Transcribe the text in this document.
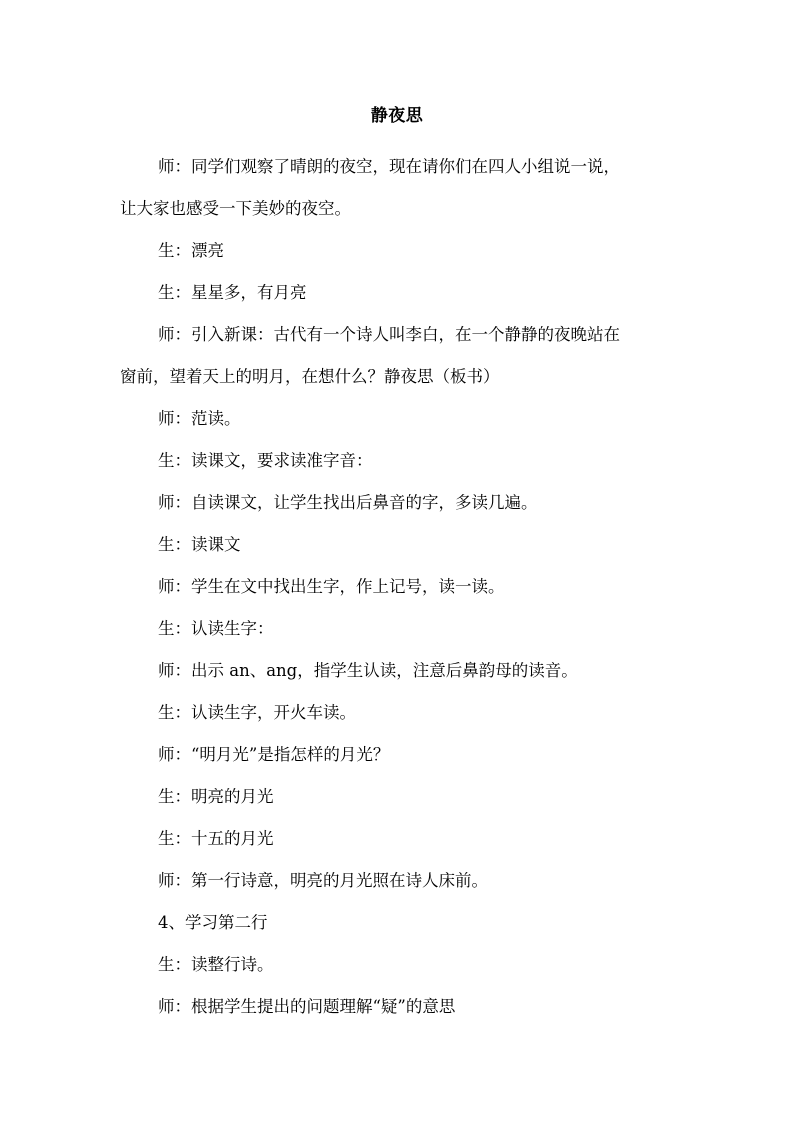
静夜思

师：同学们观察了晴朗的夜空，现在请你们在四人小组说一说，

让大家也感受一下美妙的夜空。

生：漂亮

生：星星多，有月亮

师：引入新课：古代有一个诗人叫李白，在一个静静的夜晚站在

窗前，望着天上的明月，在想什么？静夜思（板书）

师：范读。

生：读课文，要求读准字音：

师：自读课文，让学生找出后鼻音的字，多读几遍。

生：读课文

师：学生在文中找出生字，作上记号，读一读。

生：认读生字：

师：出示 an、ang，指学生认读，注意后鼻韵母的读音。

生：认读生字，开火车读。

师：“明月光”是指怎样的月光？

生：明亮的月光

生：十五的月光

师：第一行诗意，明亮的月光照在诗人床前。

4、学习第二行

生：读整行诗。

师：根据学生提出的问题理解“疑”的意思
